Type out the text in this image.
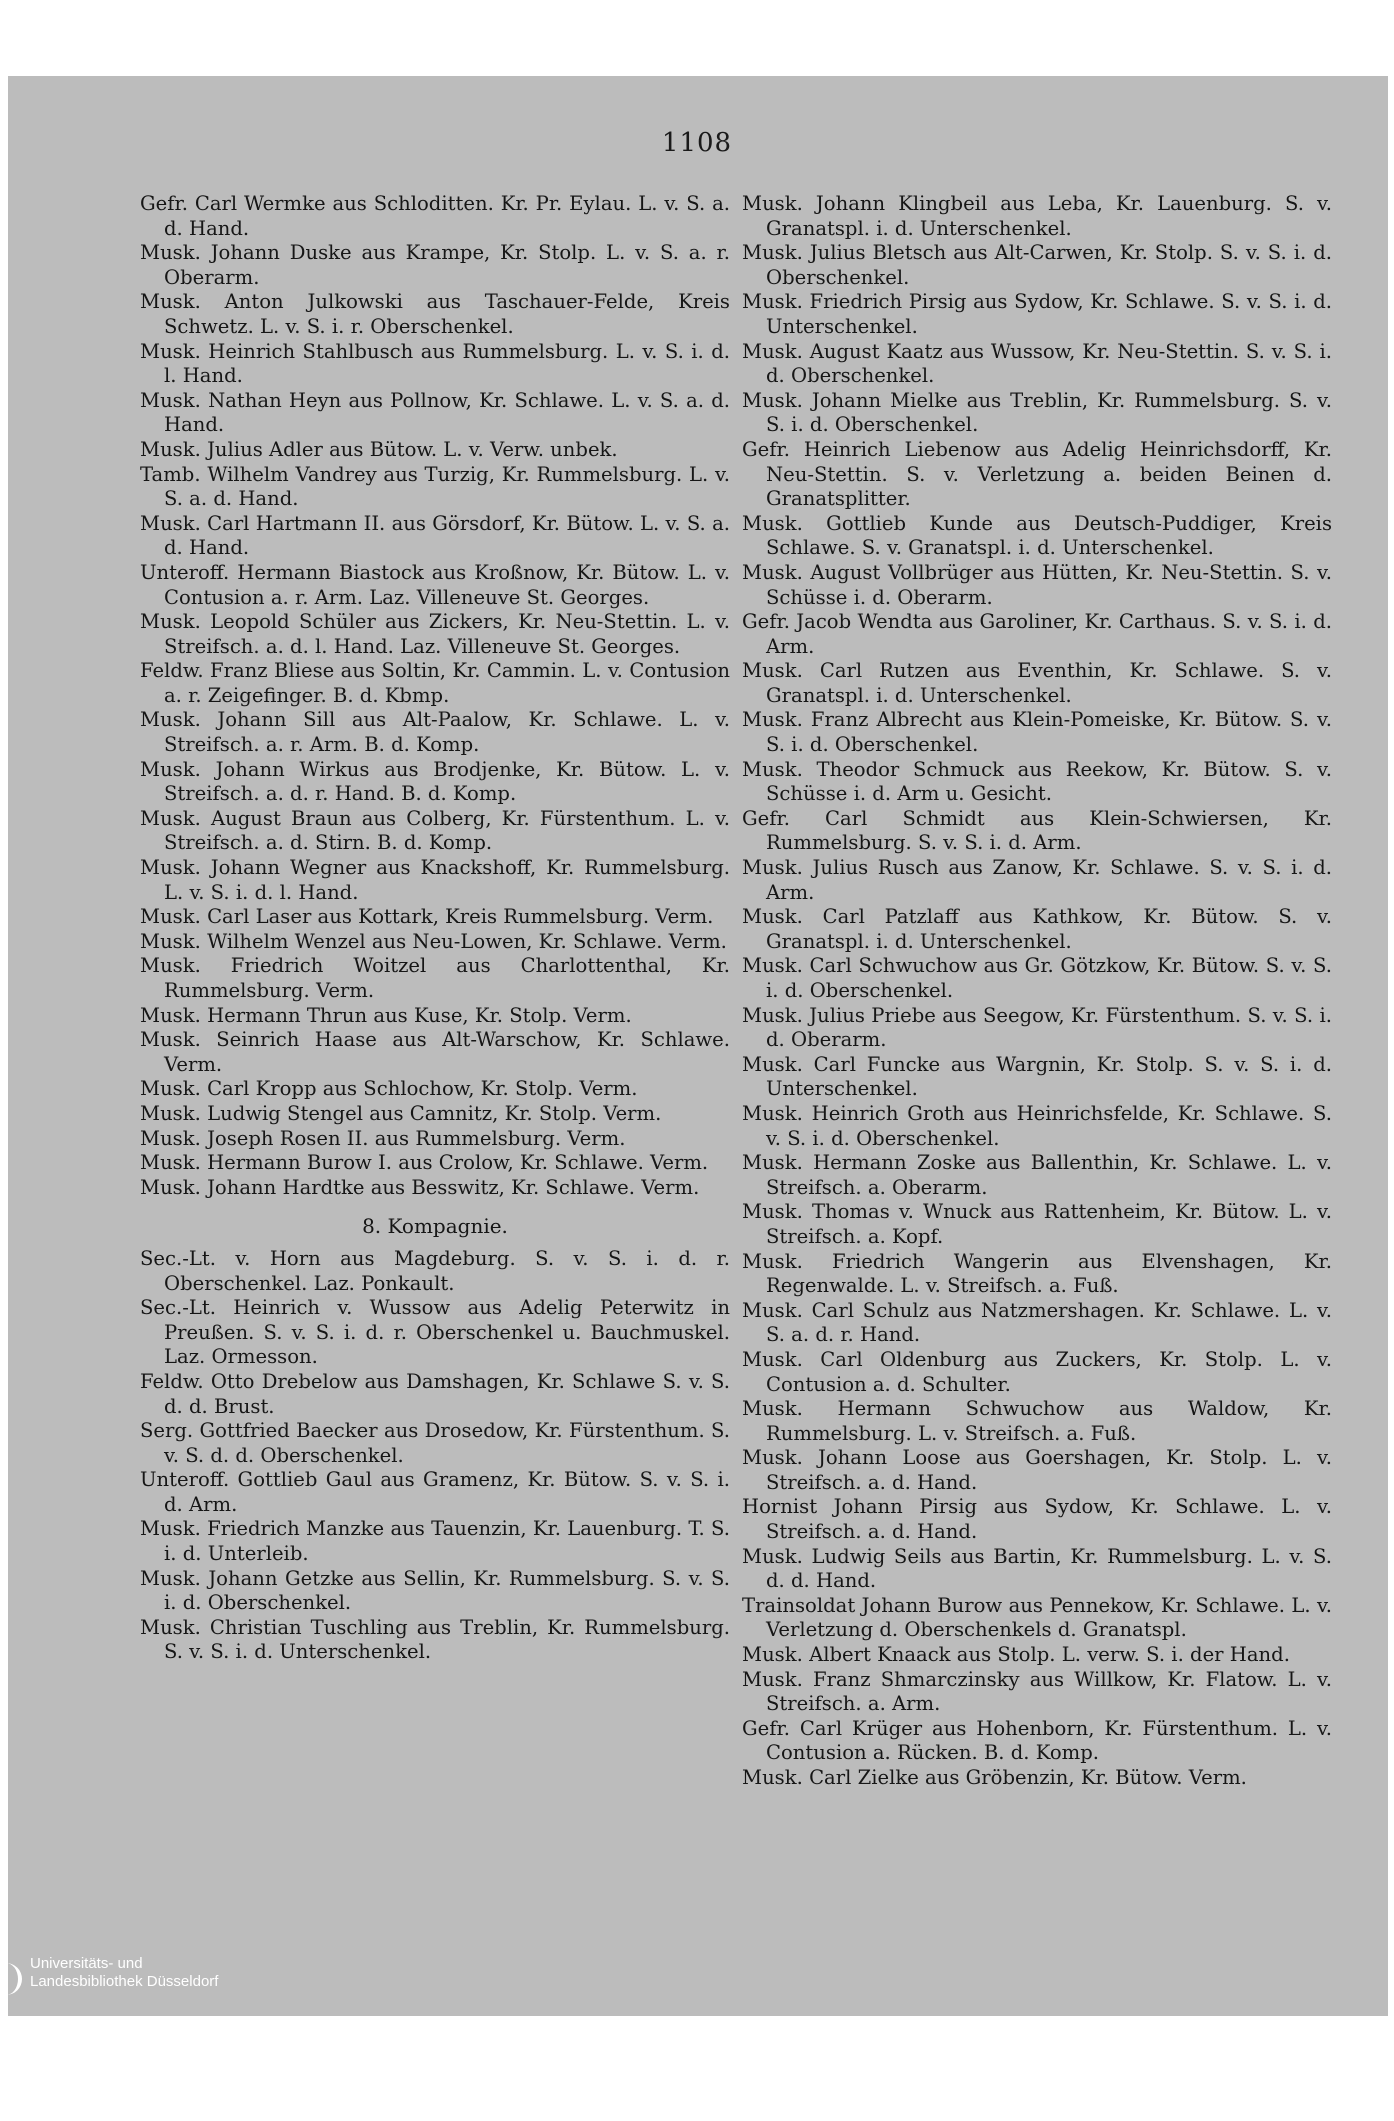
1108

Gefr. Carl Wermke aus Schloditten. Kr. Pr. Eylau. L. v. S. a. d. Hand.

Musk. Johann Duske aus Krampe, Kr. Stolp. L. v. S. a. r. Oberarm.

Musk. Anton Julkowski aus Taschauer-Felde, Kreis Schwetz. L. v. S. i. r. Oberschenkel.

Musk. Heinrich Stahlbusch aus Rummelsburg. L. v. S. i. d. l. Hand.

Musk. Nathan Heyn aus Pollnow, Kr. Schlawe. L. v. S. a. d. Hand.

Musk. Julius Adler aus Bütow. L. v. Verw. unbek.

Tamb. Wilhelm Vandrey aus Turzig, Kr. Rummelsburg. L. v. S. a. d. Hand.

Musk. Carl Hartmann II. aus Görsdorf, Kr. Bütow. L. v. S. a. d. Hand.

Unteroff. Hermann Biastock aus Kroßnow, Kr. Bütow. L. v. Contusion a. r. Arm. Laz. Villeneuve St. Georges.

Musk. Leopold Schüler aus Zickers, Kr. Neu-Stettin. L. v. Streifsch. a. d. l. Hand. Laz. Villeneuve St. Georges.

Feldw. Franz Bliese aus Soltin, Kr. Cammin. L. v. Contusion a. r. Zeigefinger. B. d. Kbmp.

Musk. Johann Sill aus Alt-Paalow, Kr. Schlawe. L. v. Streifsch. a. r. Arm. B. d. Komp.

Musk. Johann Wirkus aus Brodjenke, Kr. Bütow. L. v. Streifsch. a. d. r. Hand. B. d. Komp.

Musk. August Braun aus Colberg, Kr. Fürstenthum. L. v. Streifsch. a. d. Stirn. B. d. Komp.

Musk. Johann Wegner aus Knackshoff, Kr. Rummelsburg. L. v. S. i. d. l. Hand.

Musk. Carl Laser aus Kottark, Kreis Rummelsburg. Verm.

Musk. Wilhelm Wenzel aus Neu-Lowen, Kr. Schlawe. Verm.

Musk. Friedrich Woitzel aus Charlottenthal, Kr. Rummelsburg. Verm.

Musk. Hermann Thrun aus Kuse, Kr. Stolp. Verm.

Musk. Seinrich Haase aus Alt-Warschow, Kr. Schlawe. Verm.

Musk. Carl Kropp aus Schlochow, Kr. Stolp. Verm.

Musk. Ludwig Stengel aus Camnitz, Kr. Stolp. Verm.

Musk. Joseph Rosen II. aus Rummelsburg. Verm.

Musk. Hermann Burow I. aus Crolow, Kr. Schlawe. Verm.

Musk. Johann Hardtke aus Besswitz, Kr. Schlawe. Verm.

8. Kompagnie.

Sec.-Lt. v. Horn aus Magdeburg. S. v. S. i. d. r. Oberschenkel. Laz. Ponkault.

Sec.-Lt. Heinrich v. Wussow aus Adelig Peterwitz in Preußen. S. v. S. i. d. r. Oberschenkel u. Bauchmuskel. Laz. Ormesson.

Feldw. Otto Drebelow aus Damshagen, Kr. Schlawe S. v. S. d. d. Brust.

Serg. Gottfried Baecker aus Drosedow, Kr. Fürstenthum. S. v. S. d. d. Oberschenkel.

Unteroff. Gottlieb Gaul aus Gramenz, Kr. Bütow. S. v. S. i. d. Arm.

Musk. Friedrich Manzke aus Tauenzin, Kr. Lauenburg. T. S. i. d. Unterleib.

Musk. Johann Getzke aus Sellin, Kr. Rummelsburg. S. v. S. i. d. Oberschenkel.

Musk. Christian Tuschling aus Treblin, Kr. Rummelsburg. S. v. S. i. d. Unterschenkel.

Musk. Johann Klingbeil aus Leba, Kr. Lauenburg. S. v. Granatspl. i. d. Unterschenkel.

Musk. Julius Bletsch aus Alt-Carwen, Kr. Stolp. S. v. S. i. d. Oberschenkel.

Musk. Friedrich Pirsig aus Sydow, Kr. Schlawe. S. v. S. i. d. Unterschenkel.

Musk. August Kaatz aus Wussow, Kr. Neu-Stettin. S. v. S. i. d. Oberschenkel.

Musk. Johann Mielke aus Treblin, Kr. Rummelsburg. S. v. S. i. d. Oberschenkel.

Gefr. Heinrich Liebenow aus Adelig Heinrichsdorff, Kr. Neu-Stettin. S. v. Verletzung a. beiden Beinen d. Granatsplitter.

Musk. Gottlieb Kunde aus Deutsch-Puddiger, Kreis Schlawe. S. v. Granatspl. i. d. Unterschenkel.

Musk. August Vollbrüger aus Hütten, Kr. Neu-Stettin. S. v. Schüsse i. d. Oberarm.

Gefr. Jacob Wendta aus Garoliner, Kr. Carthaus. S. v. S. i. d. Arm.

Musk. Carl Rutzen aus Eventhin, Kr. Schlawe. S. v. Granatspl. i. d. Unterschenkel.

Musk. Franz Albrecht aus Klein-Pomeiske, Kr. Bütow. S. v. S. i. d. Oberschenkel.

Musk. Theodor Schmuck aus Reekow, Kr. Bütow. S. v. Schüsse i. d. Arm u. Gesicht.

Gefr. Carl Schmidt aus Klein-Schwiersen, Kr. Rummelsburg. S. v. S. i. d. Arm.

Musk. Julius Rusch aus Zanow, Kr. Schlawe. S. v. S. i. d. Arm.

Musk. Carl Patzlaff aus Kathkow, Kr. Bütow. S. v. Granatspl. i. d. Unterschenkel.

Musk. Carl Schwuchow aus Gr. Götzkow, Kr. Bütow. S. v. S. i. d. Oberschenkel.

Musk. Julius Priebe aus Seegow, Kr. Fürstenthum. S. v. S. i. d. Oberarm.

Musk. Carl Funcke aus Wargnin, Kr. Stolp. S. v. S. i. d. Unterschenkel.

Musk. Heinrich Groth aus Heinrichsfelde, Kr. Schlawe. S. v. S. i. d. Oberschenkel.

Musk. Hermann Zoske aus Ballenthin, Kr. Schlawe. L. v. Streifsch. a. Oberarm.

Musk. Thomas v. Wnuck aus Rattenheim, Kr. Bütow. L. v. Streifsch. a. Kopf.

Musk. Friedrich Wangerin aus Elvenshagen, Kr. Regenwalde. L. v. Streifsch. a. Fuß.

Musk. Carl Schulz aus Natzmershagen. Kr. Schlawe. L. v. S. a. d. r. Hand.

Musk. Carl Oldenburg aus Zuckers, Kr. Stolp. L. v. Contusion a. d. Schulter.

Musk. Hermann Schwuchow aus Waldow, Kr. Rummelsburg. L. v. Streifsch. a. Fuß.

Musk. Johann Loose aus Goershagen, Kr. Stolp. L. v. Streifsch. a. d. Hand.

Hornist Johann Pirsig aus Sydow, Kr. Schlawe. L. v. Streifsch. a. d. Hand.

Musk. Ludwig Seils aus Bartin, Kr. Rummelsburg. L. v. S. d. d. Hand.

Trainsoldat Johann Burow aus Pennekow, Kr. Schlawe. L. v. Verletzung d. Oberschenkels d. Granatspl.

Musk. Albert Knaack aus Stolp. L. verw. S. i. der Hand.

Musk. Franz Shmarczinsky aus Willkow, Kr. Flatow. L. v. Streifsch. a. Arm.

Gefr. Carl Krüger aus Hohenborn, Kr. Fürstenthum. L. v. Contusion a. Rücken. B. d. Komp.

Musk. Carl Zielke aus Gröbenzin, Kr. Bütow. Verm.

Universitäts- und
Landesbibliothek Düsseldorf
